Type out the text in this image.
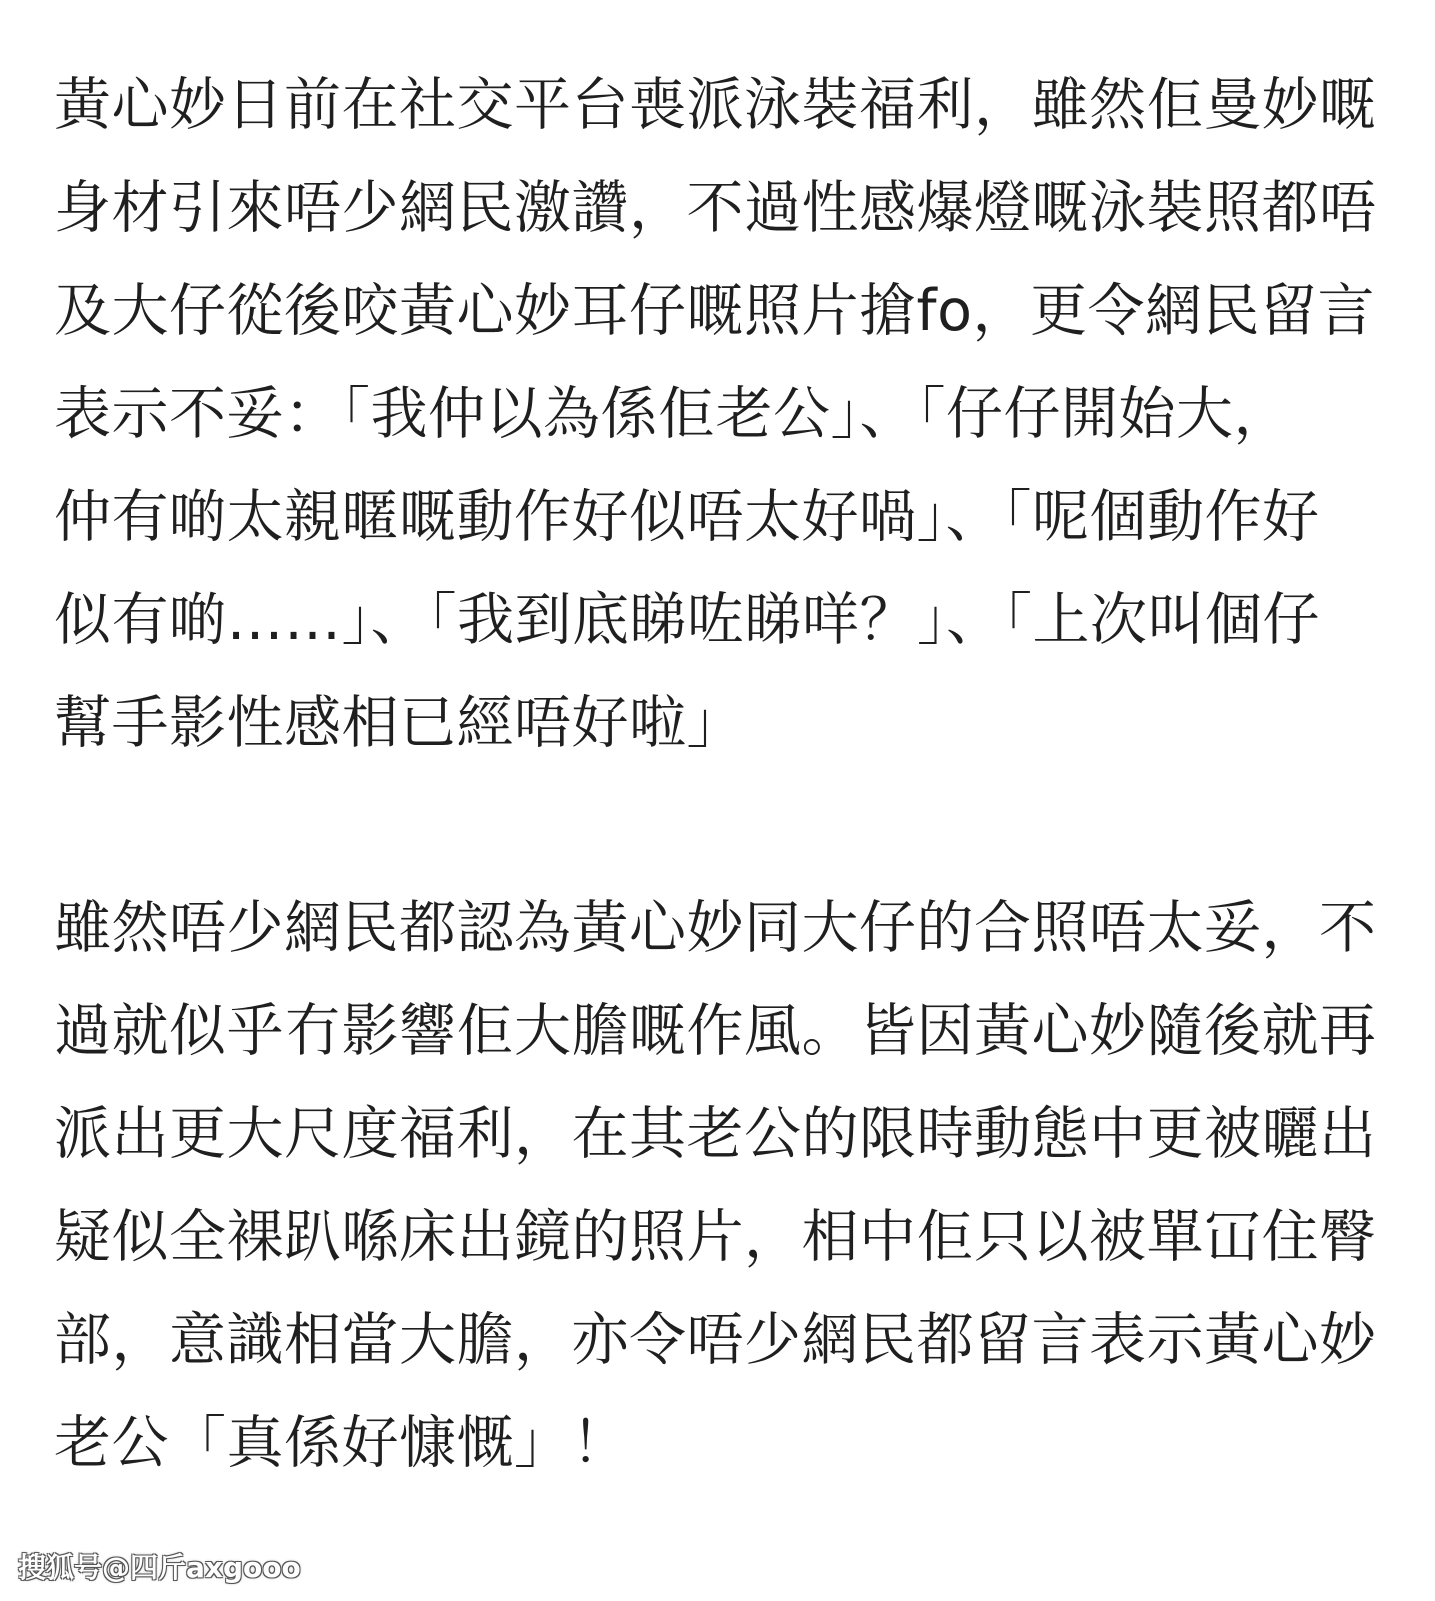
黃心妙日前在社交平台喪派泳裝福利，雖然佢曼妙嘅
身材引來唔少網民激讚，不過性感爆燈嘅泳裝照都唔
及大仔從後咬黃心妙耳仔嘅照片搶fo，更令網民留言
表示不妥：「我仲以為係佢老公」、「仔仔開始大，
仲有啲太親暱嘅動作好似唔太好喎」、「呢個動作好
似有啲……」、「我到底睇咗睇咩？」、「上次叫個仔
幫手影性感相已經唔好啦」
雖然唔少網民都認為黃心妙同大仔的合照唔太妥，不
過就似乎冇影響佢大膽嘅作風。皆因黃心妙隨後就再
派出更大尺度福利，在其老公的限時動態中更被曬出
疑似全裸趴喺床出鏡的照片，相中佢只以被單冚住臀
部，意識相當大膽，亦令唔少網民都留言表示黃心妙
老公「真係好慷慨」！
搜狐号@四斤axgooo
